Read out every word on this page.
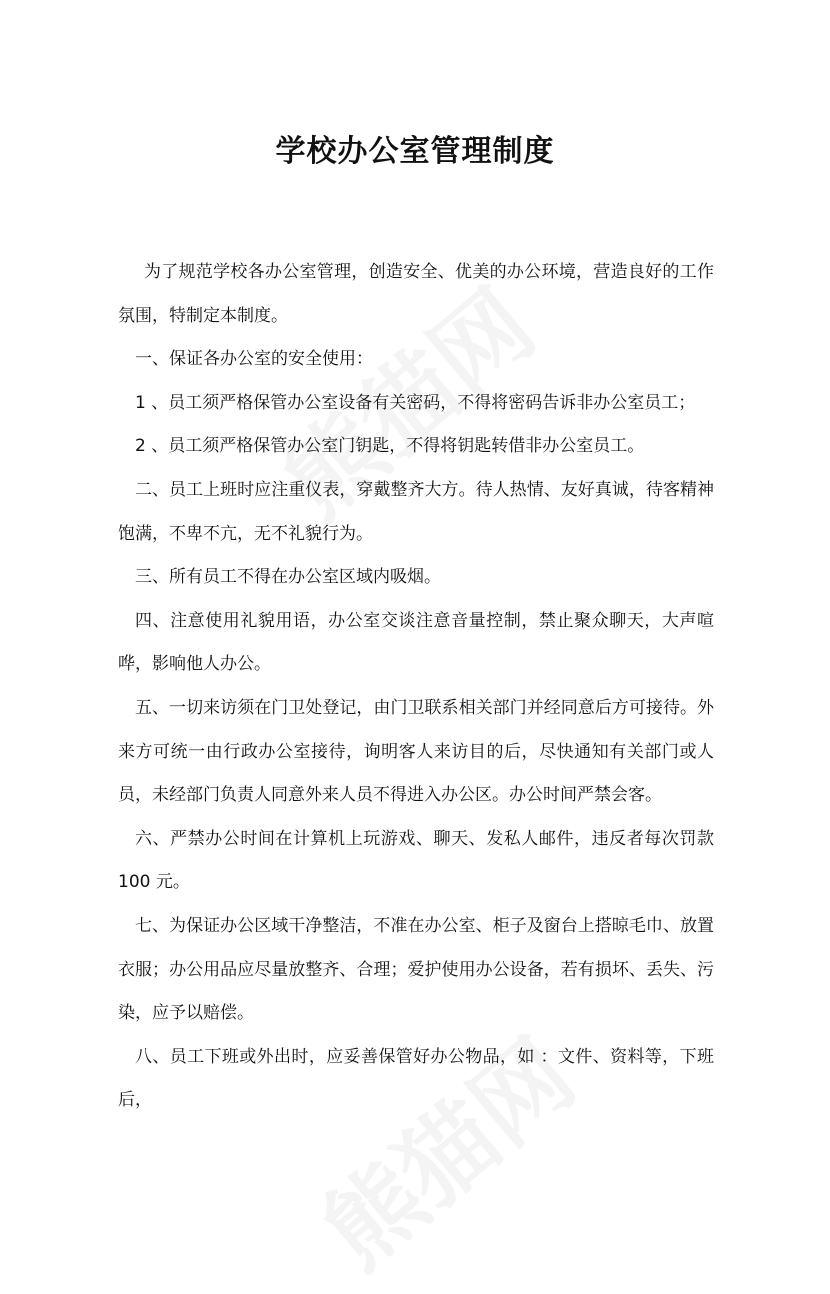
学校办公室管理制度

为了规范学校各办公室管理，创造安全、优美的办公环境，营造良好的工作氛围，特制定本制度。

一、保证各办公室的安全使用：

1 、员工须严格保管办公室设备有关密码，不得将密码告诉非办公室员工；

2 、员工须严格保管办公室门钥匙，不得将钥匙转借非办公室员工。

二、员工上班时应注重仪表，穿戴整齐大方。待人热情、友好真诚，待客精神饱满，不卑不亢，无不礼貌行为。

三、所有员工不得在办公室区域内吸烟。

四、注意使用礼貌用语，办公室交谈注意音量控制，禁止聚众聊天，大声喧哗，影响他人办公。

五、一切来访须在门卫处登记，由门卫联系相关部门并经同意后方可接待。外来方可统一由行政办公室接待，询明客人来访目的后，尽快通知有关部门或人员，未经部门负责人同意外来人员不得进入办公区。办公时间严禁会客。

六、严禁办公时间在计算机上玩游戏、聊天、发私人邮件，违反者每次罚款 100 元。

七、为保证办公区域干净整洁，不准在办公室、柜子及窗台上搭晾毛巾、放置衣服；办公用品应尽量放整齐、合理；爱护使用办公设备，若有损坏、丢失、污染，应予以赔偿。

八、员工下班或外出时，应妥善保管好办公物品，如 ：文件、资料等，下班后，
